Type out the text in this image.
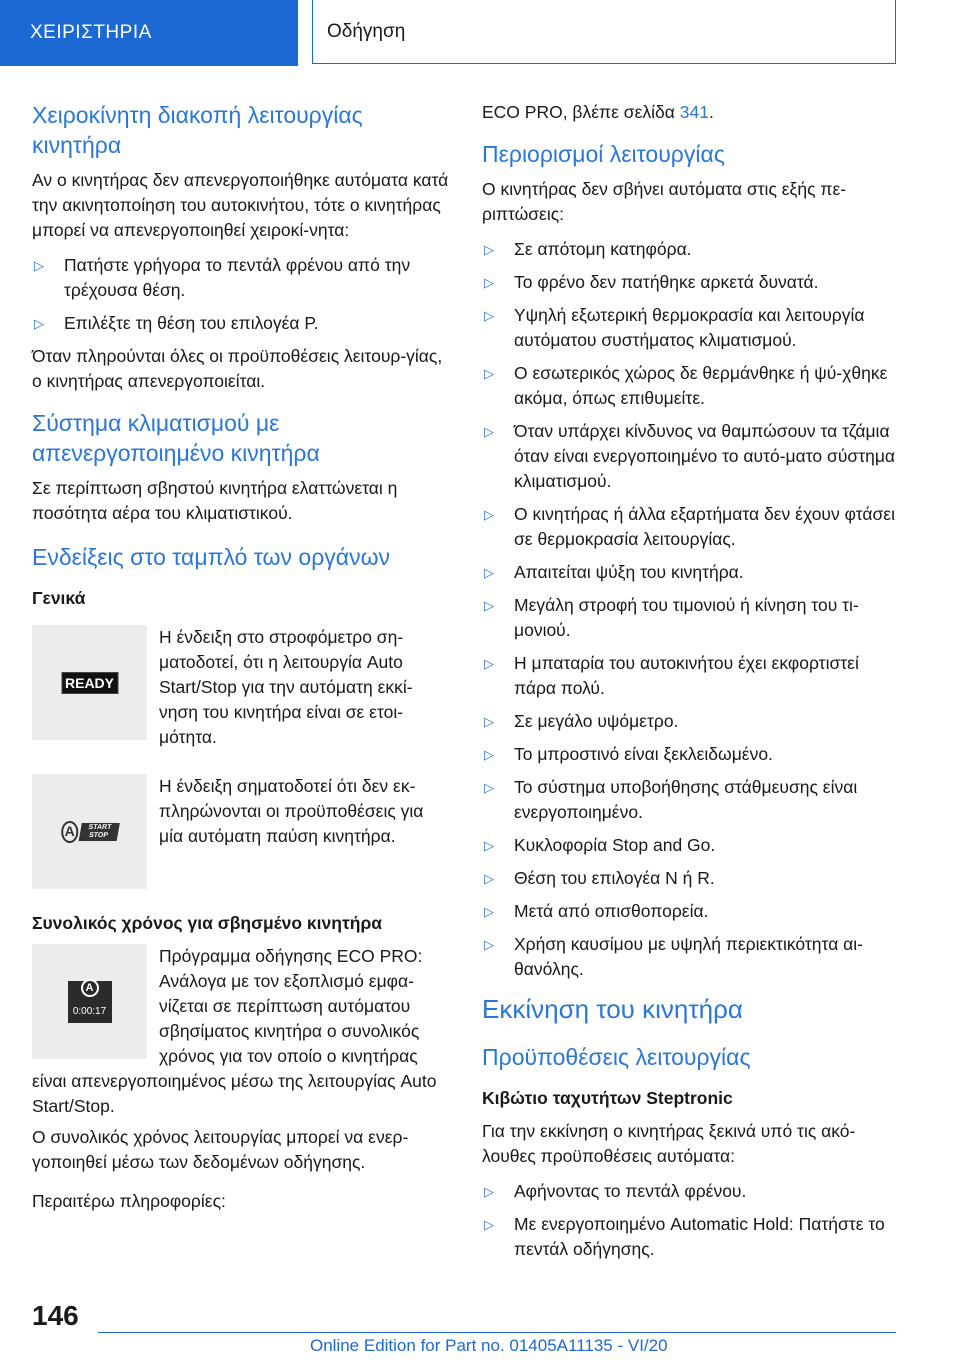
ΧΕΙΡΙΣΤΗΡΙΑ	Οδήγηση
Χειροκίνητη διακοπή λειτουργίας κινητήρα

Αν ο κινητήρας δεν απενεργοποιήθηκε αυτόματα κατά την ακινητοποίηση του αυτοκινήτου, τότε ο κινητήρας μπορεί να απενεργοποιηθεί χειροκί-νητα:

▷ Πατήστε γρήγορα το πεντάλ φρένου από την τρέχουσα θέση.
▷ Επιλέξτε τη θέση του επιλογέα P.

Όταν πληρούνται όλες οι προϋποθέσεις λειτουρ-γίας, ο κινητήρας απενεργοποιείται.

Σύστημα κλιματισμού με απενεργοποιημένο κινητήρα

Σε περίπτωση σβηστού κινητήρα ελαττώνεται η ποσότητα αέρα του κλιματιστικού.

Ενδείξεις στο ταμπλό των οργάνων
Γενικά
READY

Η ένδειξη στο στροφόμετρο ση-ματοδοτεί, ότι η λειτουργία Auto Start/Stop για την αυτόματη εκκί-νηση του κινητήρα είναι σε ετοι-μότητα.

A	START STOP

Η ένδειξη σηματοδοτεί ότι δεν εκ-πληρώνονται οι προϋποθέσεις για μία αυτόματη παύση κινητήρα.

Συνολικός χρόνος για σβησμένο κινητήρα
A
0:00:17

Πρόγραμμα οδήγησης ECO PRO: Ανάλογα με τον εξοπλισμό εμφα-νίζεται σε περίπτωση αυτόματου σβησίματος κινητήρα ο συνολικός χρόνος για τον οποίο ο κινητήρας είναι απενεργοποιημένος μέσω της λειτουργίας Auto Start/Stop.

Ο συνολικός χρόνος λειτουργίας μπορεί να ενερ-γοποιηθεί μέσω των δεδομένων οδήγησης.

Περαιτέρω πληροφορίες:

ECO PRO, βλέπε σελίδα 341.

Περιορισμοί λειτουργίας

Ο κινητήρας δεν σβήνει αυτόματα στις εξής πε-ριπτώσεις:

▷ Σε απότομη κατηφόρα.
▷ Το φρένο δεν πατήθηκε αρκετά δυνατά.
▷ Υψηλή εξωτερική θερμοκρασία και λειτουργία αυτόματου συστήματος κλιματισμού.
▷ Ο εσωτερικός χώρος δε θερμάνθηκε ή ψύ-χθηκε ακόμα, όπως επιθυμείτε.
▷ Όταν υπάρχει κίνδυνος να θαμπώσουν τα τζάμια όταν είναι ενεργοποιημένο το αυτό-ματο σύστημα κλιματισμού.
▷ Ο κινητήρας ή άλλα εξαρτήματα δεν έχουν φτάσει σε θερμοκρασία λειτουργίας.
▷ Απαιτείται ψύξη του κινητήρα.
▷ Μεγάλη στροφή του τιμονιού ή κίνηση του τι-μονιού.
▷ Η μπαταρία του αυτοκινήτου έχει εκφορτιστεί πάρα πολύ.
▷ Σε μεγάλο υψόμετρο.
▷ Το μπροστινό είναι ξεκλειδωμένο.
▷ Το σύστημα υποβοήθησης στάθμευσης είναι ενεργοποιημένο.
▷ Κυκλοφορία Stop and Go.
▷ Θέση του επιλογέα N ή R.
▷ Μετά από οπισθοπορεία.
▷ Χρήση καυσίμου με υψηλή περιεκτικότητα αι-θανόλης.
Εκκίνηση του κινητήρα
Προϋποθέσεις λειτουργίας
Κιβώτιο ταχυτήτων Steptronic

Για την εκκίνηση ο κινητήρας ξεκινά υπό τις ακό-λουθες προϋποθέσεις αυτόματα:

▷ Αφήνοντας το πεντάλ φρένου.
▷ Με ενεργοποιημένο Automatic Hold: Πατήστε το πεντάλ οδήγησης.
146
Online Edition for Part no. 01405A11135 - VI/20
